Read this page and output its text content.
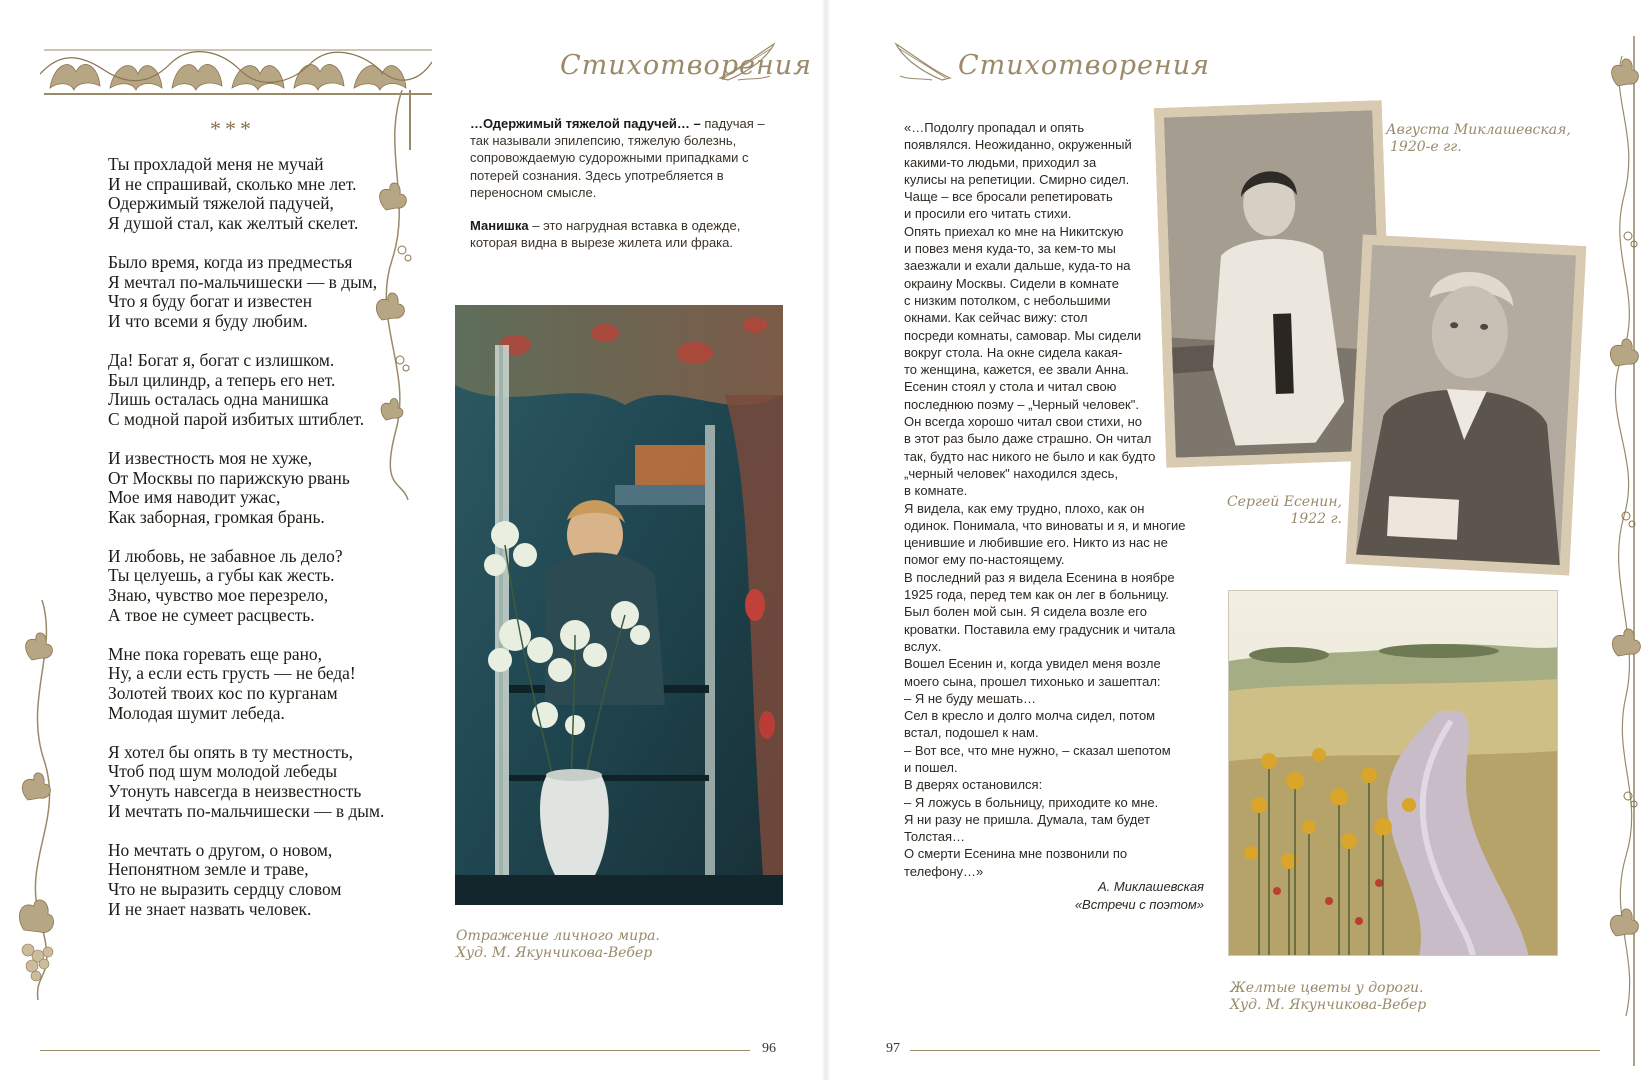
Стихотворения
***
Ты прохладой меня не мучай
И не спрашивай, сколько мне лет.
Одержимый тяжелой падучей,
Я душой стал, как желтый скелет.
Было время, когда из предместья
Я мечтал по-мальчишески — в дым,
Что я буду богат и известен
И что всеми я буду любим.
Да! Богат я, богат с излишком.
Был цилиндр, а теперь его нет.
Лишь осталась одна манишка
С модной парой избитых штиблет.
И известность моя не хуже,
От Москвы по парижскую рвань
Мое имя наводит ужас,
Как заборная, громкая брань.
И любовь, не забавное ль дело?
Ты целуешь, а губы как жесть.
Знаю, чувство мое перезрело,
А твое не сумеет расцвесть.
Мне пока горевать еще рано,
Ну, а если есть грусть — не беда!
Золотей твоих кос по курганам
Молодая шумит лебеда.
Я хотел бы опять в ту местность,
Чтоб под шум молодой лебеды
Утонуть навсегда в неизвестность
И мечтать по-мальчишески — в дым.
Но мечтать о другом, о новом,
Непонятном земле и траве,
Что не выразить сердцу словом
И не знает назвать человек.

…Одержимый тяжелой падучей… – падучая – так называли эпилепсию, тяжелую болезнь, сопровождаемую судорожными припадками с потерей сознания. Здесь употребляется в переносном смысле.

Манишка – это нагрудная вставка в одежде, которая видна в вырезе жилета или фрака.

Отражение личного мира.
Худ. М. Якунчикова-Вебер
96
Стихотворения
«…Подолгу пропадал и опять
появлялся. Неожиданно, окруженный
какими-то людьми, приходил за
кулисы на репетиции. Смирно сидел.
Чаще – все бросали репетировать
и просили его читать стихи.
Опять приехал ко мне на Никитскую
и повез меня куда-то, за кем-то мы
заезжали и ехали дальше, куда-то на
окраину Москвы. Сидели в комнате
с низким потолком, с небольшими
окнами. Как сейчас вижу: стол
посреди комнаты, самовар. Мы сидели
вокруг стола. На окне сидела какая-
то женщина, кажется, ее звали Анна.
Есенин стоял у стола и читал свою
последнюю поэму – „Черный человек".
Он всегда хорошо читал свои стихи, но
в этот раз было даже страшно. Он читал
так, будто нас никого не было и как будто
„черный человек" находился здесь,
в комнате.
Я видела, как ему трудно, плохо, как он
одинок. Понимала, что виноваты и я, и многие
ценившие и любившие его. Никто из нас не
помог ему по-настоящему.
В последний раз я видела Есенина в ноябре
1925 года, перед тем как он лег в больницу.
Был болен мой сын. Я сидела возле его
кроватки. Поставила ему градусник и читала
вслух.
Вошел Есенин и, когда увидел меня возле
моего сына, прошел тихонько и зашептал:
– Я не буду мешать…
Сел в кресло и долго молча сидел, потом
встал, подошел к нам.
– Вот все, что мне нужно, – сказал шепотом
и пошел.
В дверях остановился:
– Я ложусь в больницу, приходите ко мне.
Я ни разу не пришла. Думала, там будет
Толстая…
О смерти Есенина мне позвонили по
телефону…»
А. Миклашевская
«Встречи с поэтом»
Августа Миклашевская,
1920-е гг.
Сергей Есенин,
1922 г.
Желтые цветы у дороги.
Худ. М. Якунчикова-Вебер
97
